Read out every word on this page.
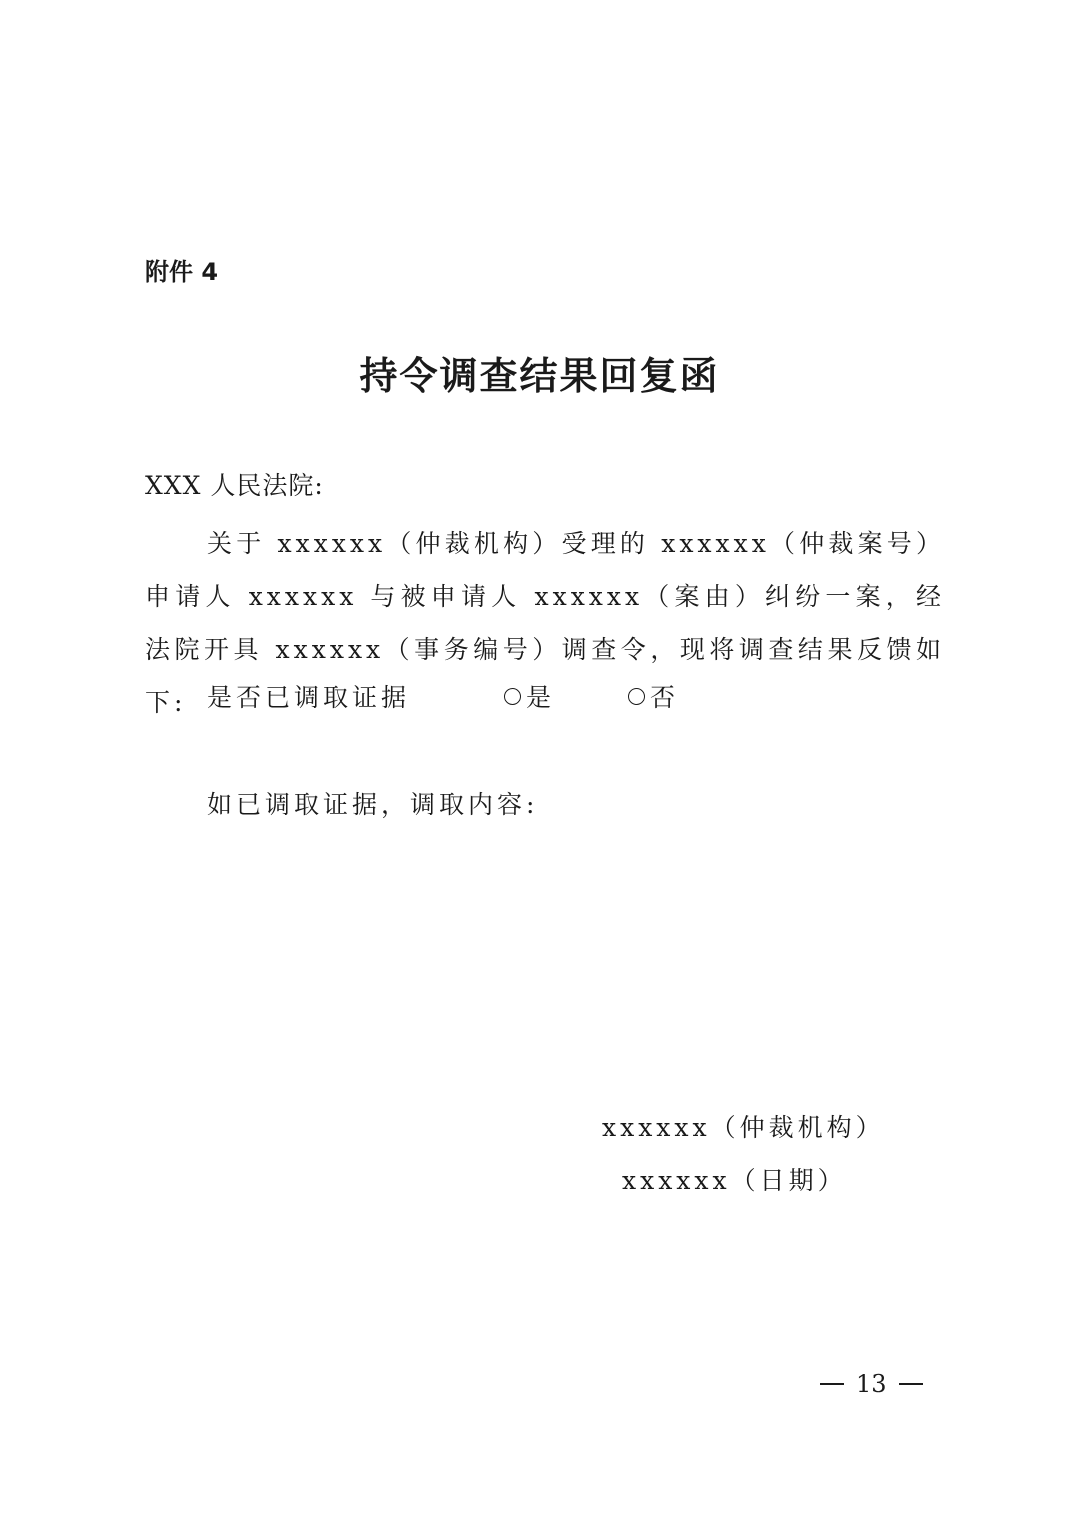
附件 4
持令调查结果回复函
XXX 人民法院:
关于 xxxxxx（仲裁机构）受理的 xxxxxx（仲裁案号）申请人 xxxxxx 与被申请人 xxxxxx（案由）纠纷一案，经法院开具 xxxxxx（事务编号）调查令，现将调查结果反馈如下: 是否已调取证据	是	否
如已调取证据，调取内容:
xxxxxx（仲裁机构）
xxxxxx（日期）
13
